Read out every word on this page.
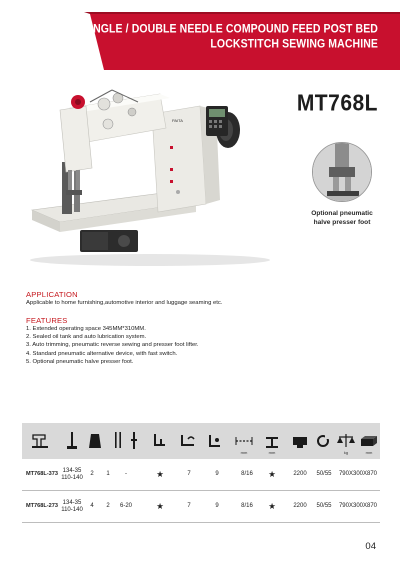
SINGLE / DOUBLE NEEDLE COMPOUND FEED POST BED
LOCKSTITCH SEWING MACHINE
PAITA
MT768L
Optional pneumatic
halve presser foot
APPLICATION
Applicable to home furnishing,automotive interior and luggage seaming etc.
FEATURES
1. Extended operating space 345MM*310MM.
2. Sealed oil tank and auto lubrication system.
3. Auto trimming, pneumatic reverse sewing and presser foot lifter.
4. Standard pneumatic alternative device, with fast switch.
5. Optional pneumatic halve presser foot.
mm	mm	kg	mm
MT768L-373
134-35
110-140
2	1	-	★	7	9	8/16	★	2200	50/55	790X300X870
MT768L-273
134-35
110-140
4	2	6-20	★	7	9	8/16	★	2200	50/55	790X300X870
04
